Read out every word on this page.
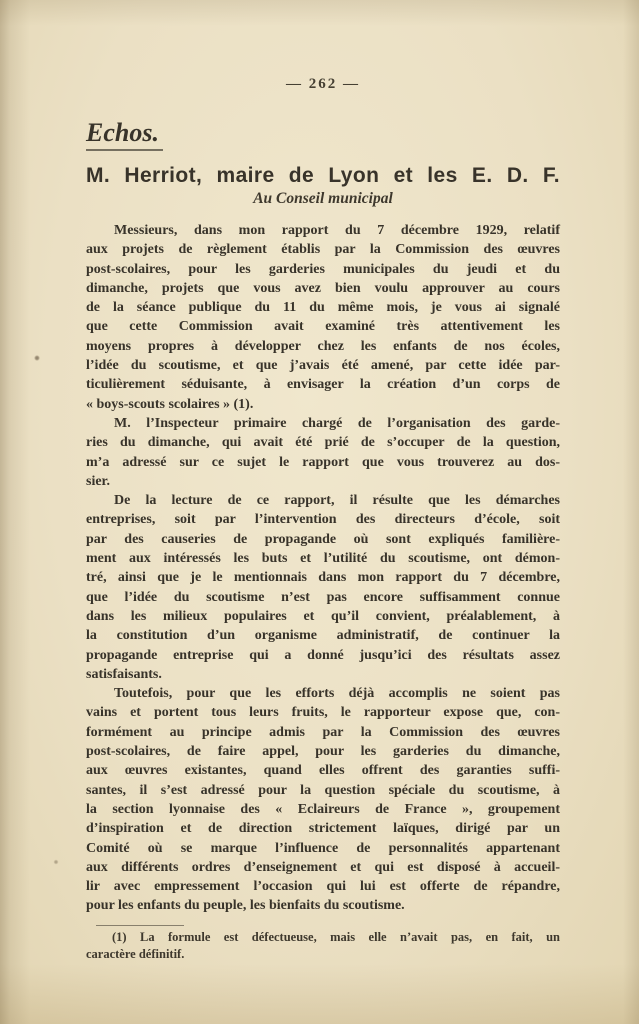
— 262 —
Echos.
M. Herriot, maire de Lyon et les E. D. F.
Au Conseil municipal

Messieurs, dans mon rapport du 7 décembre 1929, relatif
aux projets de règlement établis par la Commission des œuvres
post-scolaires, pour les garderies municipales du jeudi et du
dimanche, projets que vous avez bien voulu approuver au cours
de la séance publique du 11 du même mois, je vous ai signalé
que cette Commission avait examiné très attentivement les
moyens propres à développer chez les enfants de nos écoles,
l’idée du scoutisme, et que j’avais été amené, par cette idée par-
ticulièrement séduisante, à envisager la création d’un corps de
« boys-scouts scolaires » (1).

M. l’Inspecteur primaire chargé de l’organisation des garde-
ries du dimanche, qui avait été prié de s’occuper de la question,
m’a adressé sur ce sujet le rapport que vous trouverez au dos-
sier.

De la lecture de ce rapport, il résulte que les démarches
entreprises, soit par l’intervention des directeurs d’école, soit
par des causeries de propagande où sont expliqués familière-
ment aux intéressés les buts et l’utilité du scoutisme, ont démon-
tré, ainsi que je le mentionnais dans mon rapport du 7 décembre,
que l’idée du scoutisme n’est pas encore suffisamment connue
dans les milieux populaires et qu’il convient, préalablement, à
la constitution d’un organisme administratif, de continuer la
propagande entreprise qui a donné jusqu’ici des résultats assez
satisfaisants.

Toutefois, pour que les efforts déjà accomplis ne soient pas
vains et portent tous leurs fruits, le rapporteur expose que, con-
formément au principe admis par la Commission des œuvres
post-scolaires, de faire appel, pour les garderies du dimanche,
aux œuvres existantes, quand elles offrent des garanties suffi-
santes, il s’est adressé pour la question spéciale du scoutisme, à
la section lyonnaise des « Eclaireurs de France », groupement
d’inspiration et de direction strictement laïques, dirigé par un
Comité où se marque l’influence de personnalités appartenant
aux différents ordres d’enseignement et qui est disposé à accueil-
lir avec empressement l’occasion qui lui est offerte de répandre,
pour les enfants du peuple, les bienfaits du scoutisme.

(1) La formule est défectueuse, mais elle n’avait pas, en fait, un
caractère définitif.
